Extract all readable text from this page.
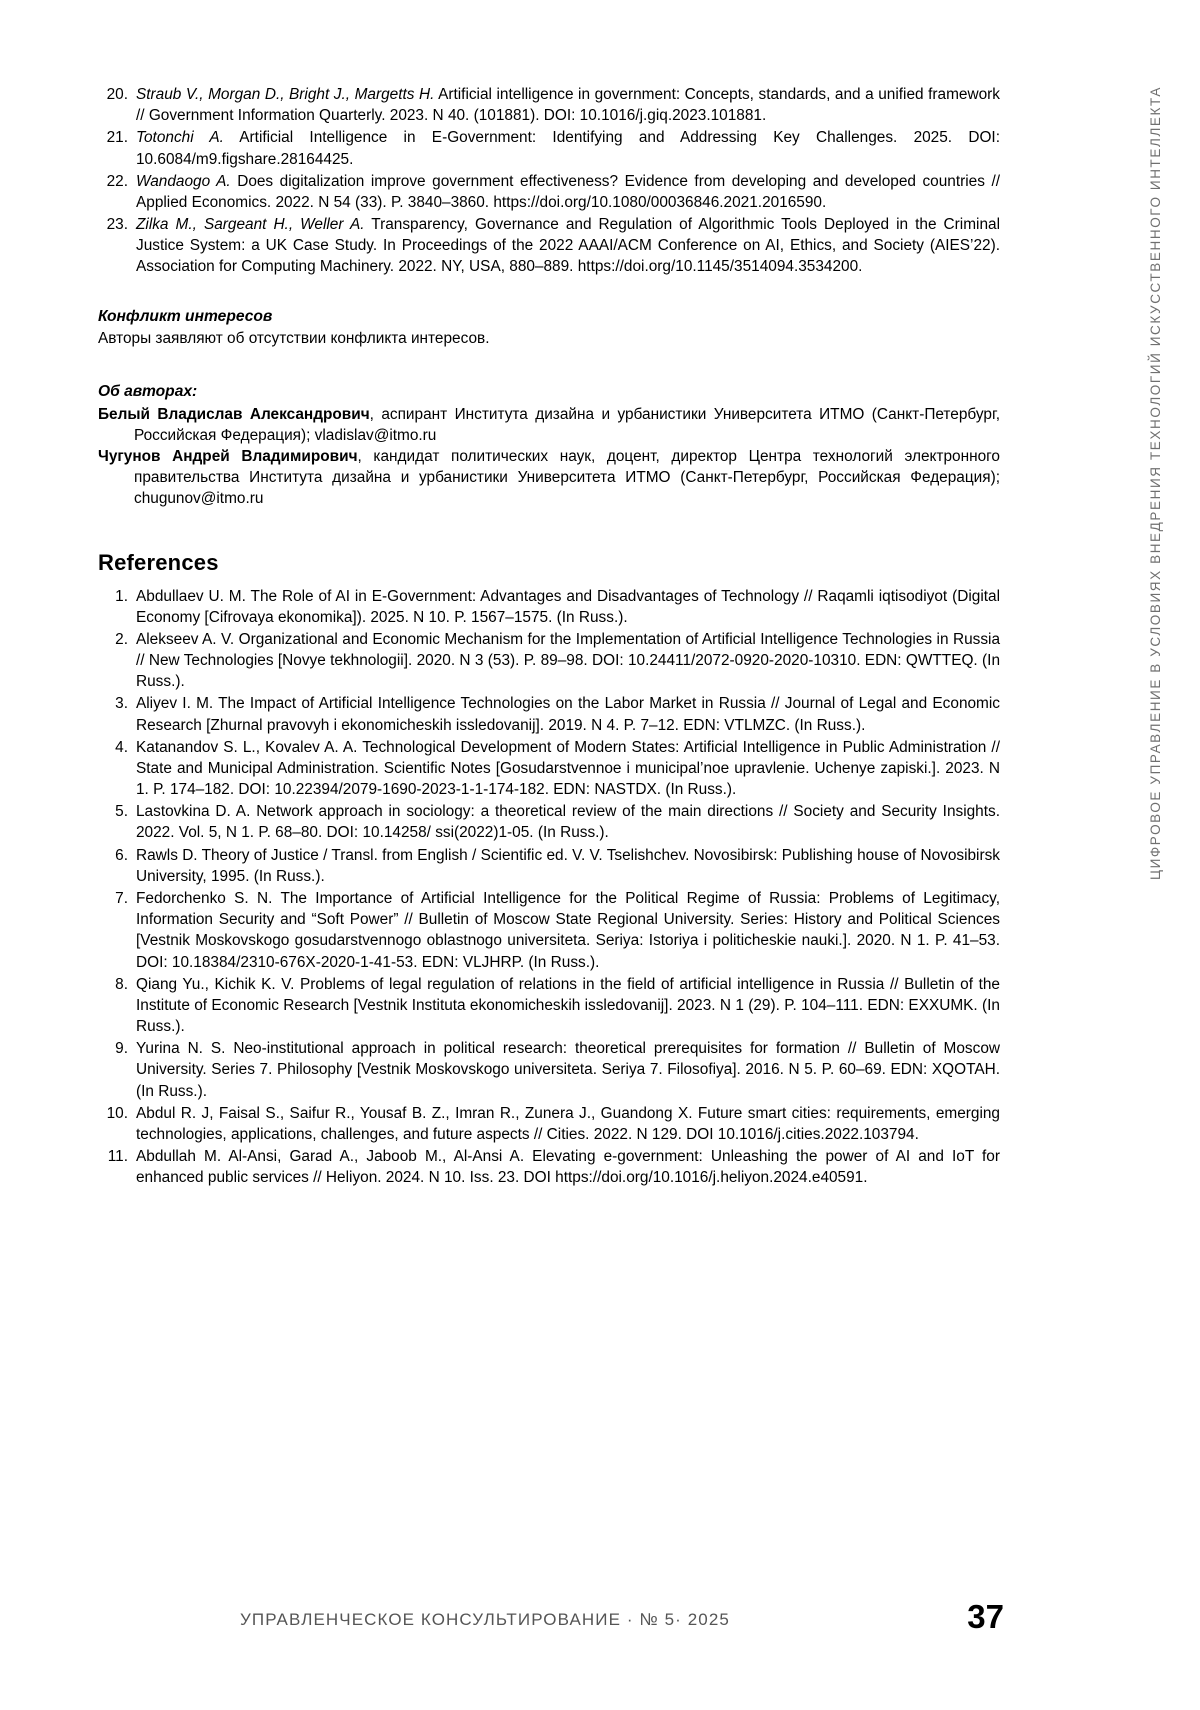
ЦИФРОВОЕ УПРАВЛЕНИЕ В УСЛОВИЯХ ВНЕДРЕНИЯ ТЕХНОЛОГИЙ ИСКУССТВЕННОГО ИНТЕЛЛЕКТА
20. Straub V., Morgan D., Bright J., Margetts H. Artificial intelligence in government: Concepts, standards, and a unified framework // Government Information Quarterly. 2023. N 40. (101881). DOI: 10.1016/j.giq.2023.101881.
21. Totonchi A. Artificial Intelligence in E-Government: Identifying and Addressing Key Challenges. 2025. DOI: 10.6084/m9.figshare.28164425.
22. Wandaogo A. Does digitalization improve government effectiveness? Evidence from developing and developed countries // Applied Economics. 2022. N 54 (33). P. 3840–3860. https://doi.org/10.1080/00036846.2021.2016590.
23. Zilka M., Sargeant H., Weller A. Transparency, Governance and Regulation of Algorithmic Tools Deployed in the Criminal Justice System: a UK Case Study. In Proceedings of the 2022 AAAI/ACM Conference on AI, Ethics, and Society (AIES’22). Association for Computing Machinery. 2022. NY, USA, 880–889. https://doi.org/10.1145/3514094.3534200.
Конфликт интересов

Авторы заявляют об отсутствии конфликта интересов.

Об авторах:
Белый Владислав Александрович, аспирант Института дизайна и урбанистики Университета ИТМО (Санкт-Петербург, Российская Федерация); vladislav@itmo.ru
Чугунов Андрей Владимирович, кандидат политических наук, доцент, директор Центра технологий электронного правительства Института дизайна и урбанистики Университета ИТМО (Санкт-Петербург, Российская Федерация); chugunov@itmo.ru
References
1. Abdullaev U. M. The Role of AI in E-Government: Advantages and Disadvantages of Technology // Raqamli iqtisodiyot (Digital Economy [Cifrovaya ekonomika]). 2025. N 10. P. 1567–1575. (In Russ.).
2. Alekseev A. V. Organizational and Economic Mechanism for the Implementation of Artificial Intelligence Technologies in Russia // New Technologies [Novye tekhnologii]. 2020. N 3 (53). P. 89–98. DOI: 10.24411/2072-0920-2020-10310. EDN: QWTTEQ. (In Russ.).
3. Aliyev I. M. The Impact of Artificial Intelligence Technologies on the Labor Market in Russia // Journal of Legal and Economic Research [Zhurnal pravovyh i ekonomicheskih issledovanij]. 2019. N 4. P. 7–12. EDN: VTLMZC. (In Russ.).
4. Katanandov S. L., Kovalev A. A. Technological Development of Modern States: Artificial Intelligence in Public Administration // State and Municipal Administration. Scientific Notes [Gosudarstvennoe i municipal’noe upravlenie. Uchenye zapiski.]. 2023. N 1. P. 174–182. DOI: 10.22394/2079-1690-2023-1-1-174-182. EDN: NASTDX. (In Russ.).
5. Lastovkina D. A. Network approach in sociology: a theoretical review of the main directions // Society and Security Insights. 2022. Vol. 5, N 1. P. 68–80. DOI: 10.14258/ ssi(2022)1-05. (In Russ.).
6. Rawls D. Theory of Justice / Transl. from English / Scientific ed. V. V. Tselishchev. Novosibirsk: Publishing house of Novosibirsk University, 1995. (In Russ.).
7. Fedorchenko S. N. The Importance of Artificial Intelligence for the Political Regime of Russia: Problems of Legitimacy, Information Security and “Soft Power” // Bulletin of Moscow State Regional University. Series: History and Political Sciences [Vestnik Moskovskogo gosudarstvennogo oblastnogo universiteta. Seriya: Istoriya i politicheskie nauki.]. 2020. N 1. P. 41–53. DOI: 10.18384/2310-676X-2020-1-41-53. EDN: VLJHRP. (In Russ.).
8. Qiang Yu., Kichik K. V. Problems of legal regulation of relations in the field of artificial intelligence in Russia // Bulletin of the Institute of Economic Research [Vestnik Instituta ekonomicheskih issledovanij]. 2023. N 1 (29). P. 104–111. EDN: EXXUMK. (In Russ.).
9. Yurina N. S. Neo-institutional approach in political research: theoretical prerequisites for formation // Bulletin of Moscow University. Series 7. Philosophy [Vestnik Moskovskogo universiteta. Seriya 7. Filosofiya]. 2016. N 5. P. 60–69. EDN: XQOTAH. (In Russ.).
10. Abdul R. J, Faisal S., Saifur R., Yousaf B. Z., Imran R., Zunera J., Guandong X. Future smart cities: requirements, emerging technologies, applications, challenges, and future aspects // Cities. 2022. N 129. DOI 10.1016/j.cities.2022.103794.
11. Abdullah M. Al-Ansi, Garad A., Jaboob M., Al-Ansi A. Elevating e-government: Unleashing the power of AI and IoT for enhanced public services // Heliyon. 2024. N 10. Iss. 23. DOI https://doi.org/10.1016/j.heliyon.2024.e40591.
УПРАВЛЕНЧЕСКОЕ КОНСУЛЬТИРОВАНИЕ · № 5· 2025	37
